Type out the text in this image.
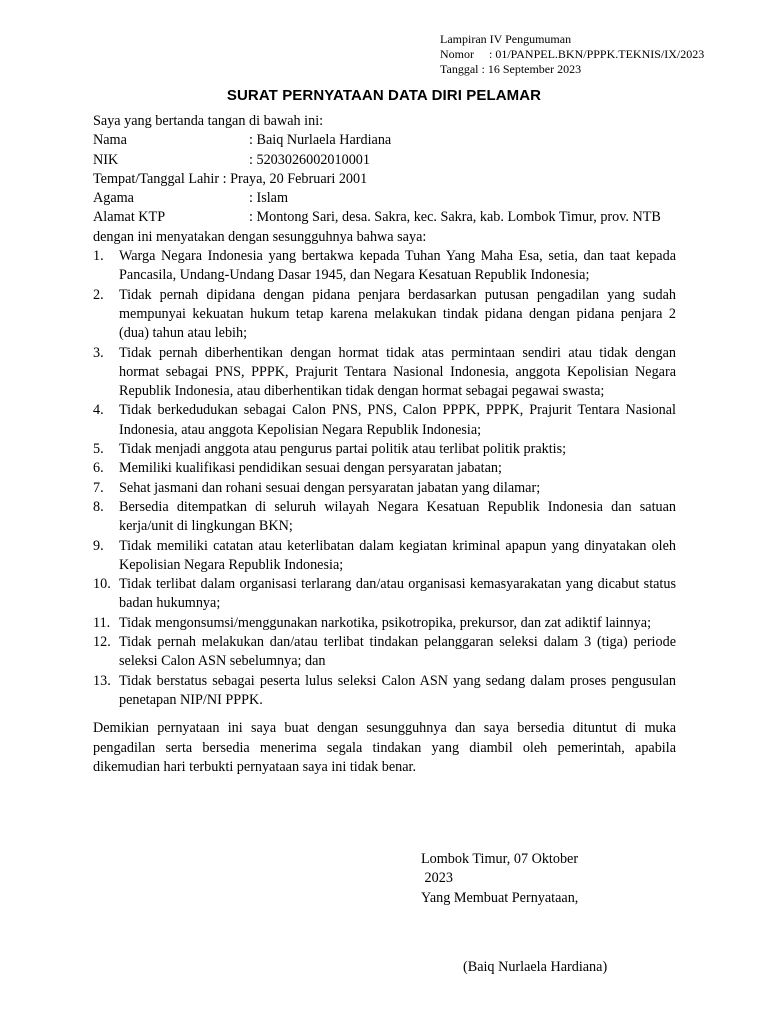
Lampiran IV Pengumuman
Nomor	: 01/PANPEL.BKN/PPPK.TEKNIS/IX/2023
Tanggal : 16 September 2023
SURAT PERNYATAAN DATA DIRI PELAMAR

Saya yang bertanda tangan di bawah ini:

Nama	: Baiq Nurlaela Hardiana
NIK	: 5203026002010001
Tempat/Tanggal Lahir : Praya, 20 Februari 2001
Agama	: Islam
Alamat KTP	: Montong Sari, desa. Sakra, kec. Sakra, kab. Lombok Timur, prov. NTB

dengan ini menyatakan dengan sesungguhnya bahwa saya:

1.	Warga Negara Indonesia yang bertakwa kepada Tuhan Yang Maha Esa, setia, dan taat kepada Pancasila, Undang-Undang Dasar 1945, dan Negara Kesatuan Republik Indonesia;
2.	Tidak pernah dipidana dengan pidana penjara berdasarkan putusan pengadilan yang sudah mempunyai kekuatan hukum tetap karena melakukan tindak pidana dengan pidana penjara 2 (dua) tahun atau lebih;
3.	Tidak pernah diberhentikan dengan hormat tidak atas permintaan sendiri atau tidak dengan hormat sebagai PNS, PPPK, Prajurit Tentara Nasional Indonesia, anggota Kepolisian Negara Republik Indonesia, atau diberhentikan tidak dengan hormat sebagai pegawai swasta;
4.	Tidak berkedudukan sebagai Calon PNS, PNS, Calon PPPK, PPPK, Prajurit Tentara Nasional Indonesia, atau anggota Kepolisian Negara Republik Indonesia;
5.	Tidak menjadi anggota atau pengurus partai politik atau terlibat politik praktis;
6.	Memiliki kualifikasi pendidikan sesuai dengan persyaratan jabatan;
7.	Sehat jasmani dan rohani sesuai dengan persyaratan jabatan yang dilamar;
8.	Bersedia ditempatkan di seluruh wilayah Negara Kesatuan Republik Indonesia dan satuan kerja/unit di lingkungan BKN;
9.	Tidak memiliki catatan atau keterlibatan dalam kegiatan kriminal apapun yang dinyatakan oleh Kepolisian Negara Republik Indonesia;
10. Tidak terlibat dalam organisasi terlarang dan/atau organisasi kemasyarakatan yang dicabut status badan hukumnya;
11. Tidak mengonsumsi/menggunakan narkotika, psikotropika, prekursor, dan zat adiktif lainnya;
12. Tidak pernah melakukan dan/atau terlibat tindakan pelanggaran seleksi dalam 3 (tiga) periode seleksi Calon ASN sebelumnya; dan
13. Tidak berstatus sebagai peserta lulus seleksi Calon ASN yang sedang dalam proses pengusulan penetapan NIP/NI PPPK.

Demikian pernyataan ini saya buat dengan sesungguhnya dan saya bersedia dituntut di muka pengadilan serta bersedia menerima segala tindakan yang diambil oleh pemerintah, apabila dikemudian hari terbukti pernyataan saya ini tidak benar.

Lombok Timur, 07 Oktober
2023
Yang Membuat Pernyataan,
(Baiq Nurlaela Hardiana)
